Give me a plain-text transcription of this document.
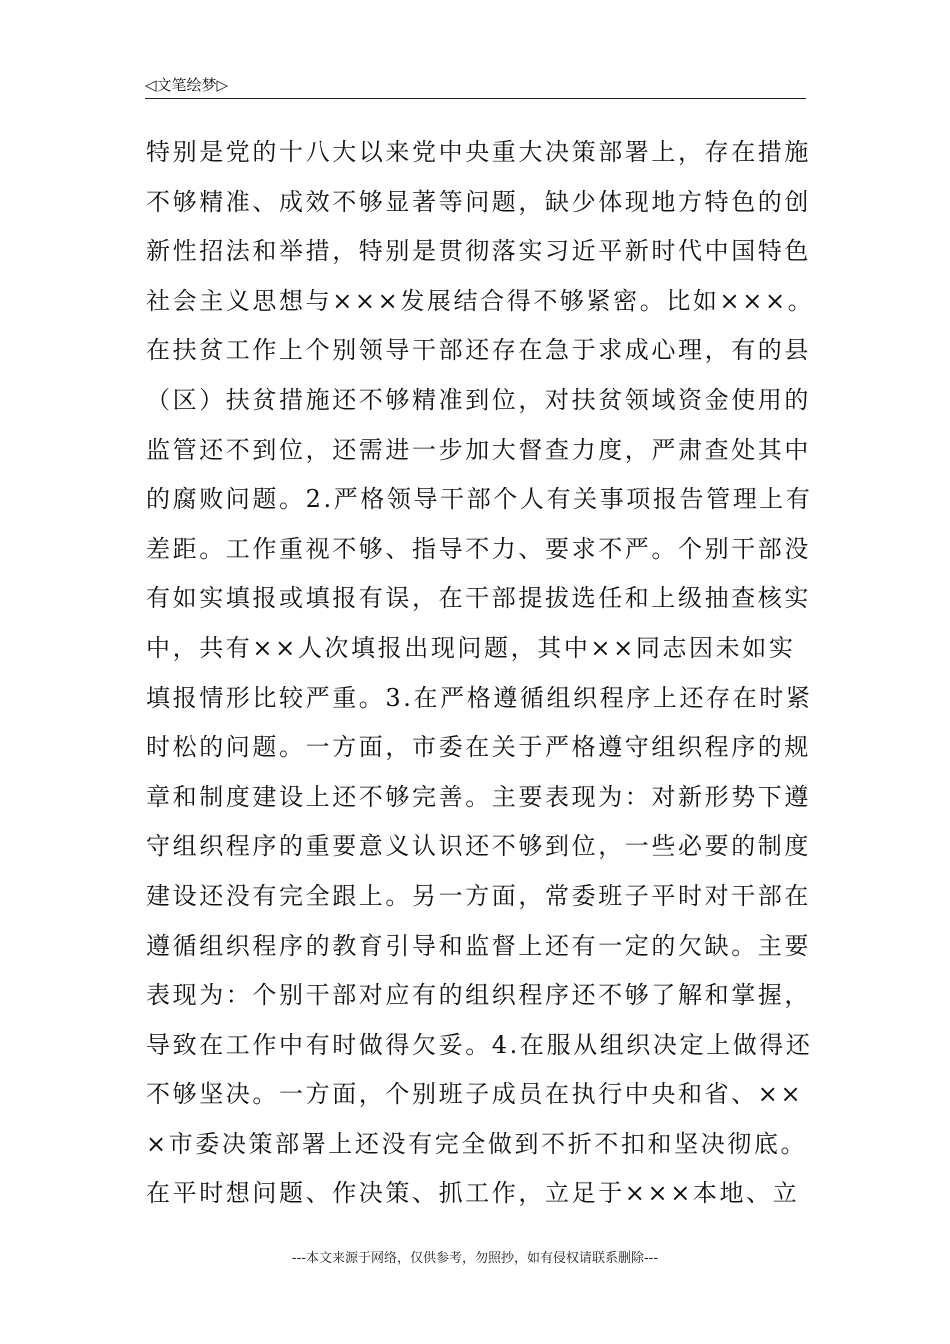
◁文笔绘梦▷
特别是党的十八大以来党中央重大决策部署上，存在措施
不够精准、成效不够显著等问题，缺少体现地方特色的创
新性招法和举措，特别是贯彻落实习近平新时代中国特色
社会主义思想与×××发展结合得不够紧密。比如×××。
在扶贫工作上个别领导干部还存在急于求成心理，有的县
（区）扶贫措施还不够精准到位，对扶贫领域资金使用的
监管还不到位，还需进一步加大督查力度，严肃查处其中
的腐败问题。2.严格领导干部个人有关事项报告管理上有
差距。工作重视不够、指导不力、要求不严。个别干部没
有如实填报或填报有误，在干部提拔选任和上级抽查核实
中，共有××人次填报出现问题，其中××同志因未如实
填报情形比较严重。3.在严格遵循组织程序上还存在时紧
时松的问题。一方面，市委在关于严格遵守组织程序的规
章和制度建设上还不够完善。主要表现为：对新形势下遵
守组织程序的重要意义认识还不够到位，一些必要的制度
建设还没有完全跟上。另一方面，常委班子平时对干部在
遵循组织程序的教育引导和监督上还有一定的欠缺。主要
表现为：个别干部对应有的组织程序还不够了解和掌握，
导致在工作中有时做得欠妥。4.在服从组织决定上做得还
不够坚决。一方面，个别班子成员在执行中央和省、××
×市委决策部署上还没有完全做到不折不扣和坚决彻底。
在平时想问题、作决策、抓工作，立足于×××本地、立
---本文来源于网络，仅供参考，勿照抄，如有侵权请联系删除---
